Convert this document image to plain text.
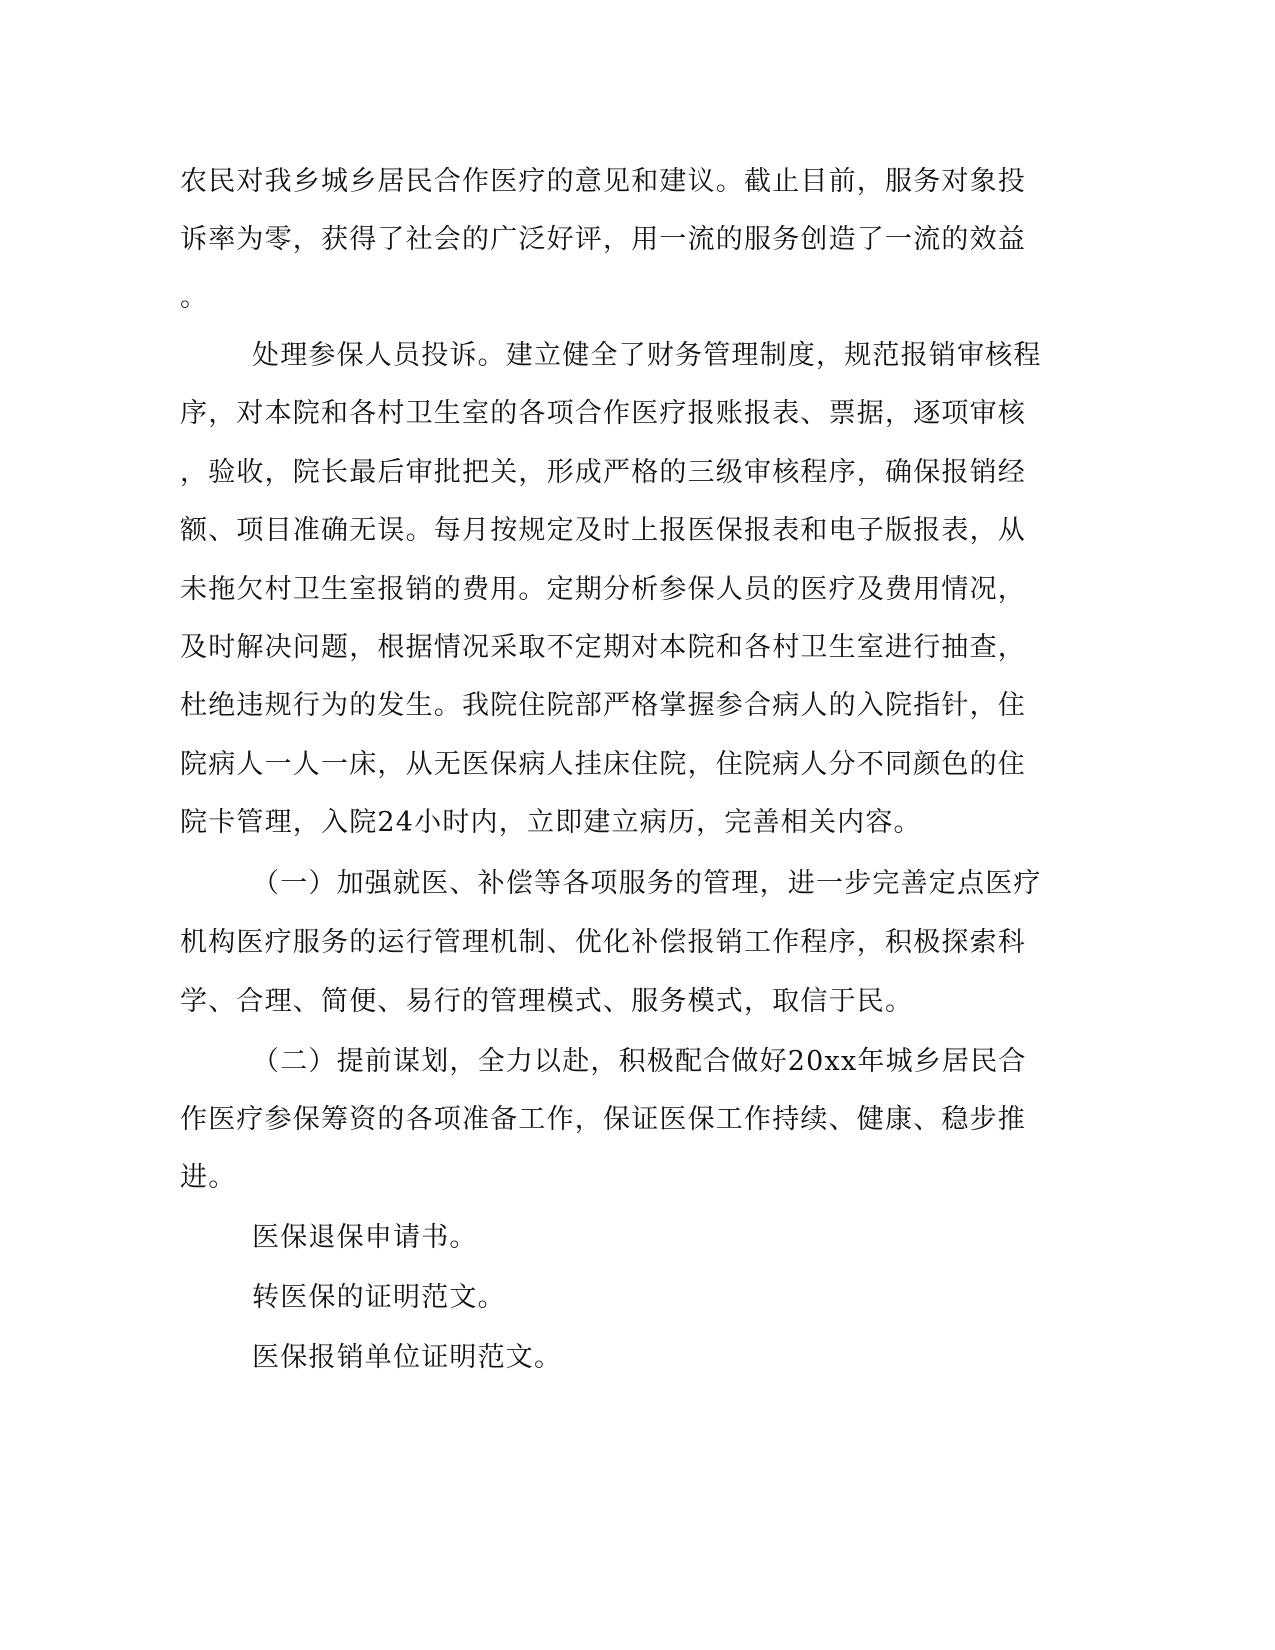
农民对我乡城乡居民合作医疗的意见和建议。截止目前，服务对象投
诉率为零，获得了社会的广泛好评，用一流的服务创造了一流的效益
。
处理参保人员投诉。建立健全了财务管理制度，规范报销审核程
序，对本院和各村卫生室的各项合作医疗报账报表、票据，逐项审核
，验收，院长最后审批把关，形成严格的三级审核程序，确保报销经
额、项目准确无误。每月按规定及时上报医保报表和电子版报表，从
未拖欠村卫生室报销的费用。定期分析参保人员的医疗及费用情况，
及时解决问题，根据情况采取不定期对本院和各村卫生室进行抽查，
杜绝违规行为的发生。我院住院部严格掌握参合病人的入院指针，住
院病人一人一床，从无医保病人挂床住院，住院病人分不同颜色的住
院卡管理，入院24小时内，立即建立病历，完善相关内容。
（一）加强就医、补偿等各项服务的管理，进一步完善定点医疗
机构医疗服务的运行管理机制、优化补偿报销工作程序，积极探索科
学、合理、简便、易行的管理模式、服务模式，取信于民。
（二）提前谋划，全力以赴，积极配合做好20xx年城乡居民合
作医疗参保筹资的各项准备工作，保证医保工作持续、健康、稳步推
进。
医保退保申请书。
转医保的证明范文。
医保报销单位证明范文。
